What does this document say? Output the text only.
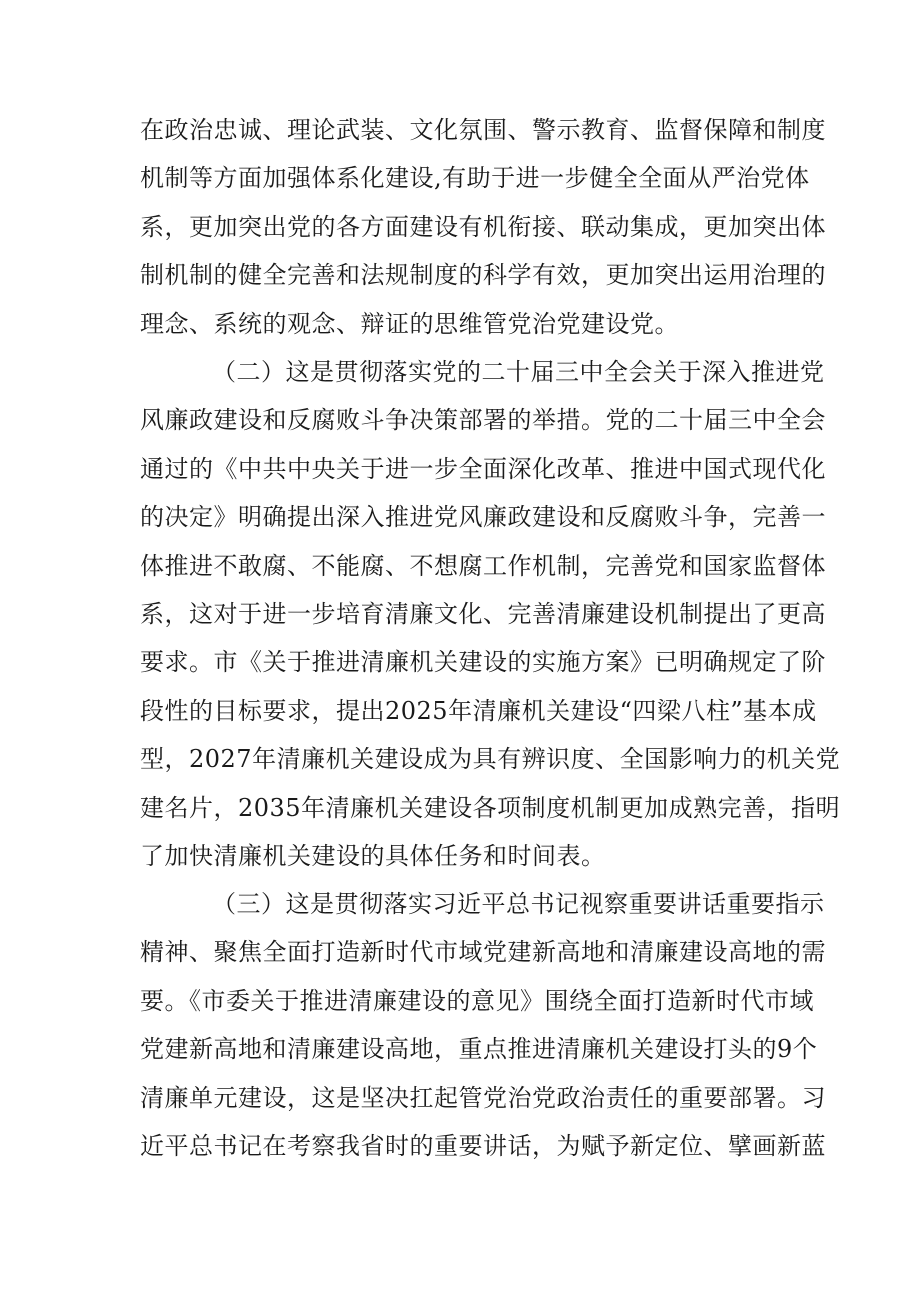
在政治忠诚、理论武装、文化氛围、警示教育、监督保障和制度
机制等方面加强体系化建设,有助于进一步健全全面从严治党体
系，更加突出党的各方面建设有机衔接、联动集成，更加突出体
制机制的健全完善和法规制度的科学有效，更加突出运用治理的
理念、系统的观念、辩证的思维管党治党建设党。
（二）这是贯彻落实党的二十届三中全会关于深入推进党
风廉政建设和反腐败斗争决策部署的举措。党的二十届三中全会
通过的《中共中央关于进一步全面深化改革、推进中国式现代化
的决定》明确提出深入推进党风廉政建设和反腐败斗争，完善一
体推进不敢腐、不能腐、不想腐工作机制，完善党和国家监督体
系，这对于进一步培育清廉文化、完善清廉建设机制提出了更高
要求。市《关于推进清廉机关建设的实施方案》已明确规定了阶
段性的目标要求，提出2025年清廉机关建设“四梁八柱”基本成
型，2027年清廉机关建设成为具有辨识度、全国影响力的机关党
建名片，2035年清廉机关建设各项制度机制更加成熟完善，指明
了加快清廉机关建设的具体任务和时间表。
（三）这是贯彻落实习近平总书记视察重要讲话重要指示
精神、聚焦全面打造新时代市域党建新高地和清廉建设高地的需
要。《市委关于推进清廉建设的意见》围绕全面打造新时代市域
党建新高地和清廉建设高地，重点推进清廉机关建设打头的9个
清廉单元建设，这是坚决扛起管党治党政治责任的重要部署。习
近平总书记在考察我省时的重要讲话，为赋予新定位、擘画新蓝
